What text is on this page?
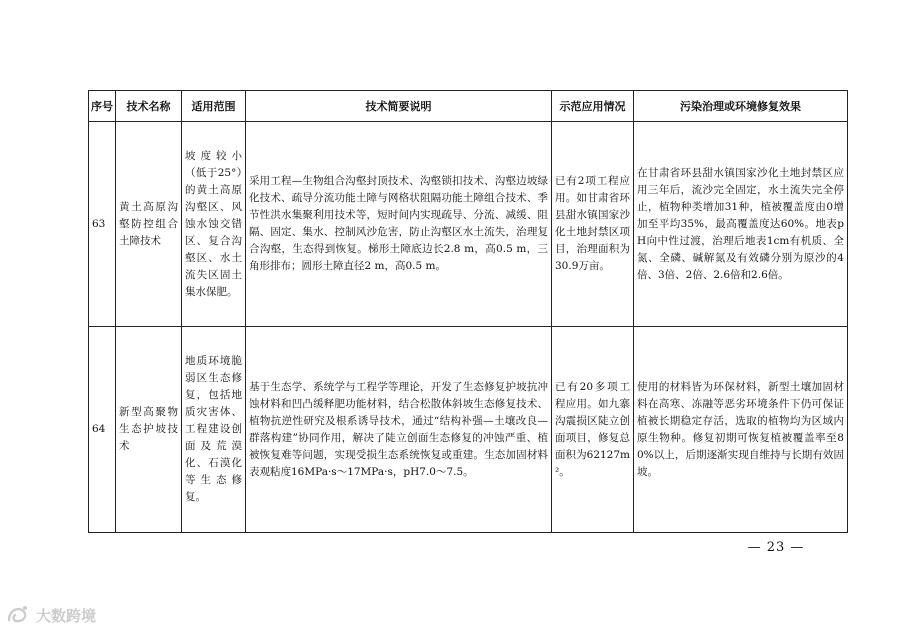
序号	技术名称	适用范围	技术简要说明	示范应用情况	污染治理或环境修复效果
63	黄土高原沟壑防控组合土障技术	坡度较小（低于25°）的黄土高原沟壑区、风蚀水蚀交错区、复合沟壑区、水土流失区固土集水保肥。	采用工程—生物组合沟壑封顶技术、沟壑锁扣技术、沟壑边坡绿化技术、疏导分流功能土障与网格状阻隔功能土障组合技术、季节性洪水集聚利用技术等，短时间内实现疏导、分流、减缓、阻隔、固定、集水、控制风沙危害，防止沟壑区水土流失，治理复合沟壑，生态得到恢复。梯形土障底边长2.8 m，高0.5 m，三角形排布；圆形土障直径2 m，高0.5 m。	已有2项工程应用。如甘肃省环县甜水镇国家沙化土地封禁区项目，治理面积为30.9万亩。	在甘肃省环县甜水镇国家沙化土地封禁区应用三年后，流沙完全固定，水土流失完全停止，植物种类增加31种，植被覆盖度由0增加至平均35%，最高覆盖度达60%。地表pH向中性过渡，治理后地表1cm有机质、全氮、全磷、碱解氮及有效磷分别为原沙的4倍、3倍、2倍、2.6倍和2.6倍。
64	新型高聚物生态护坡技术	地质环境脆弱区生态修复，包括地质灾害体、工程建设创面及荒漠化、石漠化等生态修复。	基于生态学、系统学与工程学等理论，开发了生态修复护坡抗冲蚀材料和凹凸缓释肥功能材料，结合松散体斜坡生态修复技术、植物抗逆性研究及根系诱导技术，通过“结构补强—土壤改良—群落构建”协同作用，解决了陡立创面生态修复的冲蚀严重、植被恢复难等问题，实现受损生态系统恢复或重建。生态加固材料表观粘度16MPa·s～17MPa·s，pH7.0～7.5。	已有20多项工程应用。如九寨沟震损区陡立创面项目，修复总面积为62127m²。	使用的材料皆为环保材料，新型土壤加固材料在高寒、冻融等恶劣环境条件下仍可保证植被长期稳定存活，选取的植物均为区域内原生物种。修复初期可恢复植被覆盖率至80%以上，后期逐渐实现自维持与长期有效固坡。
— 23 —
大数跨境
